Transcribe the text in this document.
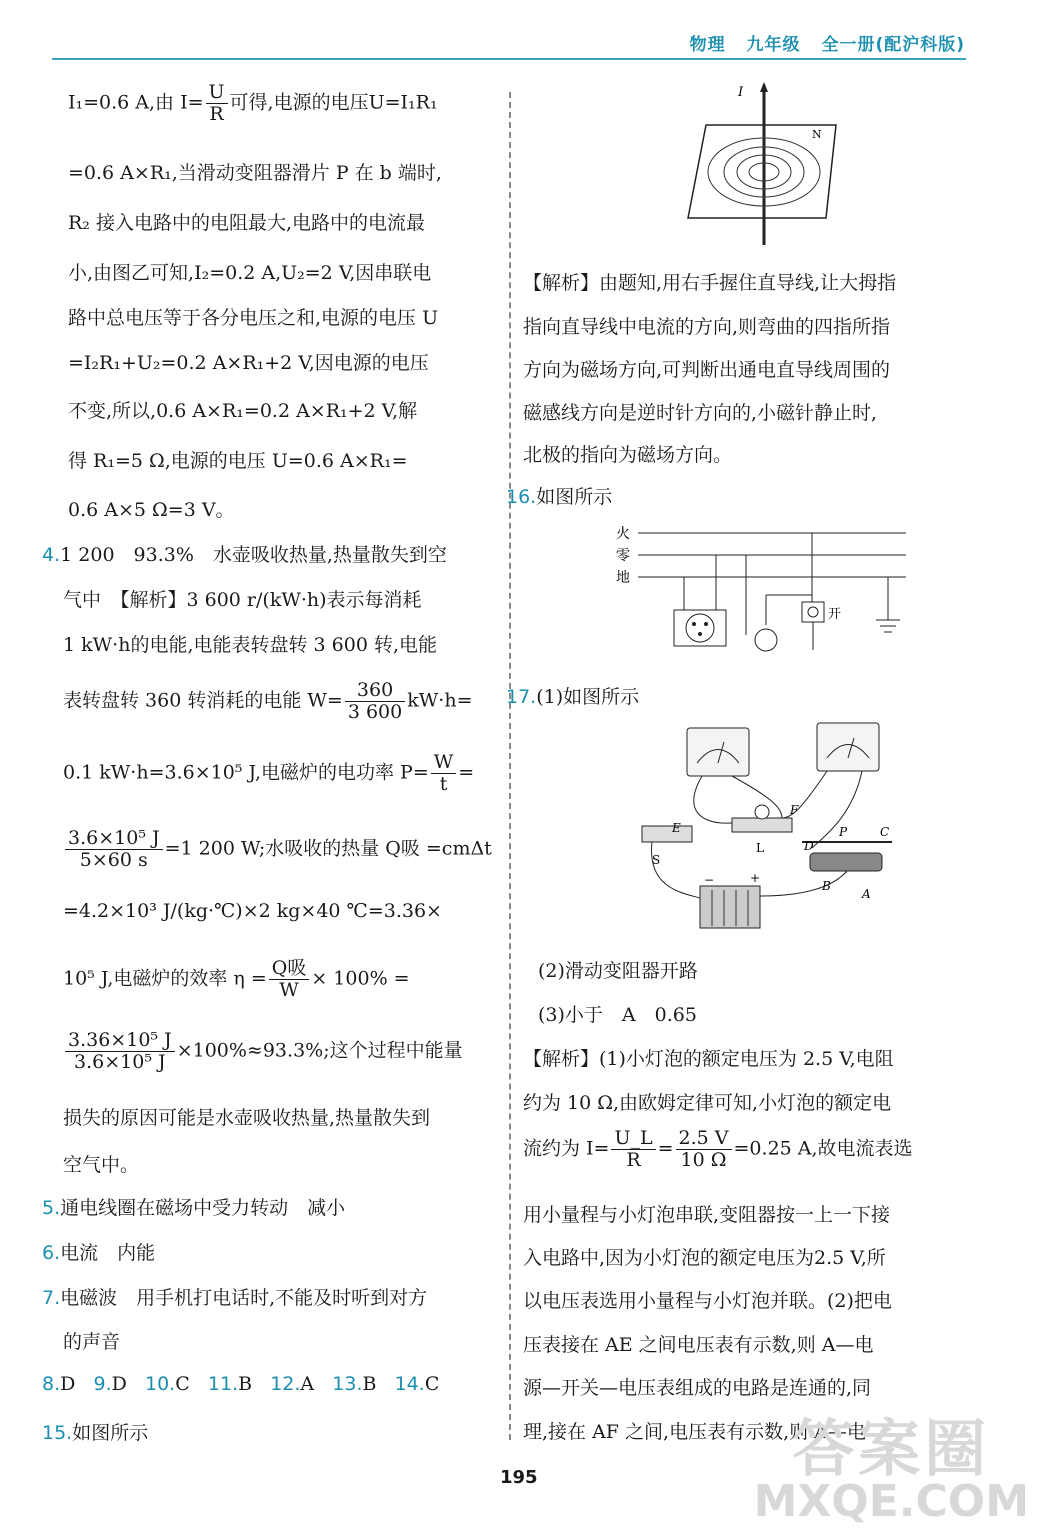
物理 九年级 全一册(配沪科版)

I₁=0.6 A,由 $I= \frac{U}{R}$ 可得,电源的电压U=I₁R₁

=0.6 A×R₁,当滑动变阻器滑片 P 在 b 端时,

R₂ 接入电路中的电阻最大,电路中的电流最

小,由图乙可知,I₂=0.2 A,U₂=2 V,因串联电

路中总电压等于各分电压之和,电源的电压 U

=I₂R₁+U₂=0.2 A×R₁+2 V,因电源的电压

不变,所以,0.6 A×R₁=0.2 A×R₁+2 V,解

得 R₁=5 Ω,电源的电压 U=0.6 A×R₁=

0.6 A×5 Ω=3 V。

4.1 200　93.3%　水壶吸收热量,热量散失到空

气中　【解析】3 600 r/(kW·h)表示每消耗

1 kW·h的电能,电能表转盘转 3 600 转,电能

表转盘转 360 转消耗的电能 $W= \frac{360}{3 600} kW\cdot h=$

0.1 kW·h=3.6×10⁵ J,电磁炉的电功率 $P= \frac{W}{t}$ =

$\frac{\text{3.6×10⁵ J}}{5\times 60 s} =1$ 200 W;水吸收的热量 Q吸 =cmΔt

=4.2×10³ J/(kg·℃)×2 kg×40 ℃=3.36×

10⁵ J,电磁炉的效率 $\eta = \frac{\text{Q吸}}{W} \times 100\%$ =

$\frac{\text{3.36×10⁵ J}}{\text{3.6×10⁵ J}} \times 100\%\approx 93.3\%$;这个过程中能量

损失的原因可能是水壶吸收热量,热量散失到

空气中。

5.通电线圈在磁场中受力转动　减小

6.电流　内能

7.电磁波　用手机打电话时,不能及时听到对方

的声音

8.D 9.D 10.C 11.B 12.A 13.B 14.C

15.如图所示

I
N

【解析】由题知,用右手握住直导线,让大拇指

指向直导线中电流的方向,则弯曲的四指所指

方向为磁场方向,可判断出通电直导线周围的

磁感线方向是逆时针方向的,小磁针静止时,

北极的指向为磁场方向。

16.如图所示

火
零
地
开

17.(1)如图所示

E
S
L
F
D
P	C
B
A
−	+

(2)滑动变阻器开路

(3)小于　A　0.65

【解析】(1)小灯泡的额定电压为 2.5 V,电阻

约为 10 Ω,由欧姆定律可知,小灯泡的额定电

流约为 $I= \frac{U\_L}{R} = \frac{2.5 V}{10 \Omega} =0.25$ A,故电流表选

用小量程与小灯泡串联,变阻器按一上一下接

入电路中,因为小灯泡的额定电压为2.5 V,所

以电压表选用小量程与小灯泡并联。(2)把电

压表接在 AE 之间电压表有示数,则 A—电

源—开关—电压表组成的电路是连通的,同

理,接在 AF 之间,电压表有示数,则 A—电

195	答案圈
MXQE.COM
